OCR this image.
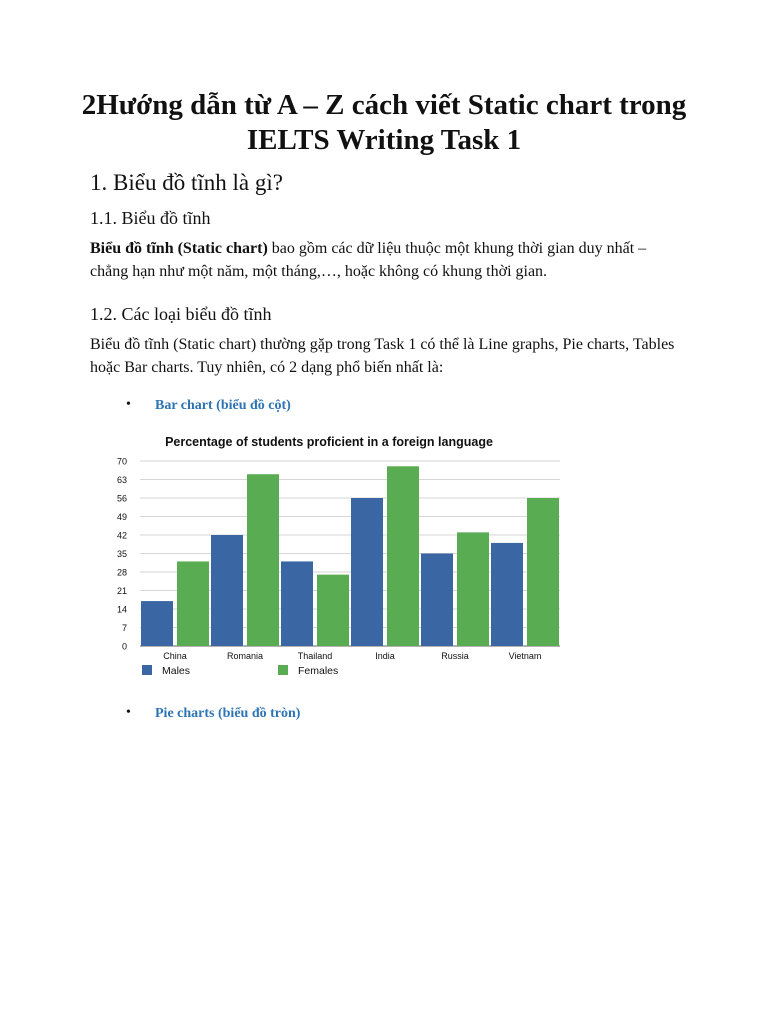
2Hướng dẫn từ A – Z cách viết Static chart trong IELTS Writing Task 1
1. Biểu đồ tĩnh là gì?
1.1. Biểu đồ tĩnh

Biểu đồ tĩnh (Static chart) bao gồm các dữ liệu thuộc một khung thời gian duy nhất – chẳng hạn như một năm, một tháng,…, hoặc không có khung thời gian.

1.2. Các loại biểu đồ tĩnh

Biểu đồ tĩnh (Static chart) thường gặp trong Task 1 có thể là Line graphs, Pie charts, Tables hoặc Bar charts. Tuy nhiên, có 2 dạng phổ biến nhất là:

• Bar chart (biểu đồ cột)
Percentage of students proficient in a foreign language
0
7
14
21
28
35
42
49
56
63
70
China	Romania	Thailand	India	Russia	Vietnam
Males	Females
• Pie charts (biểu đồ tròn)
